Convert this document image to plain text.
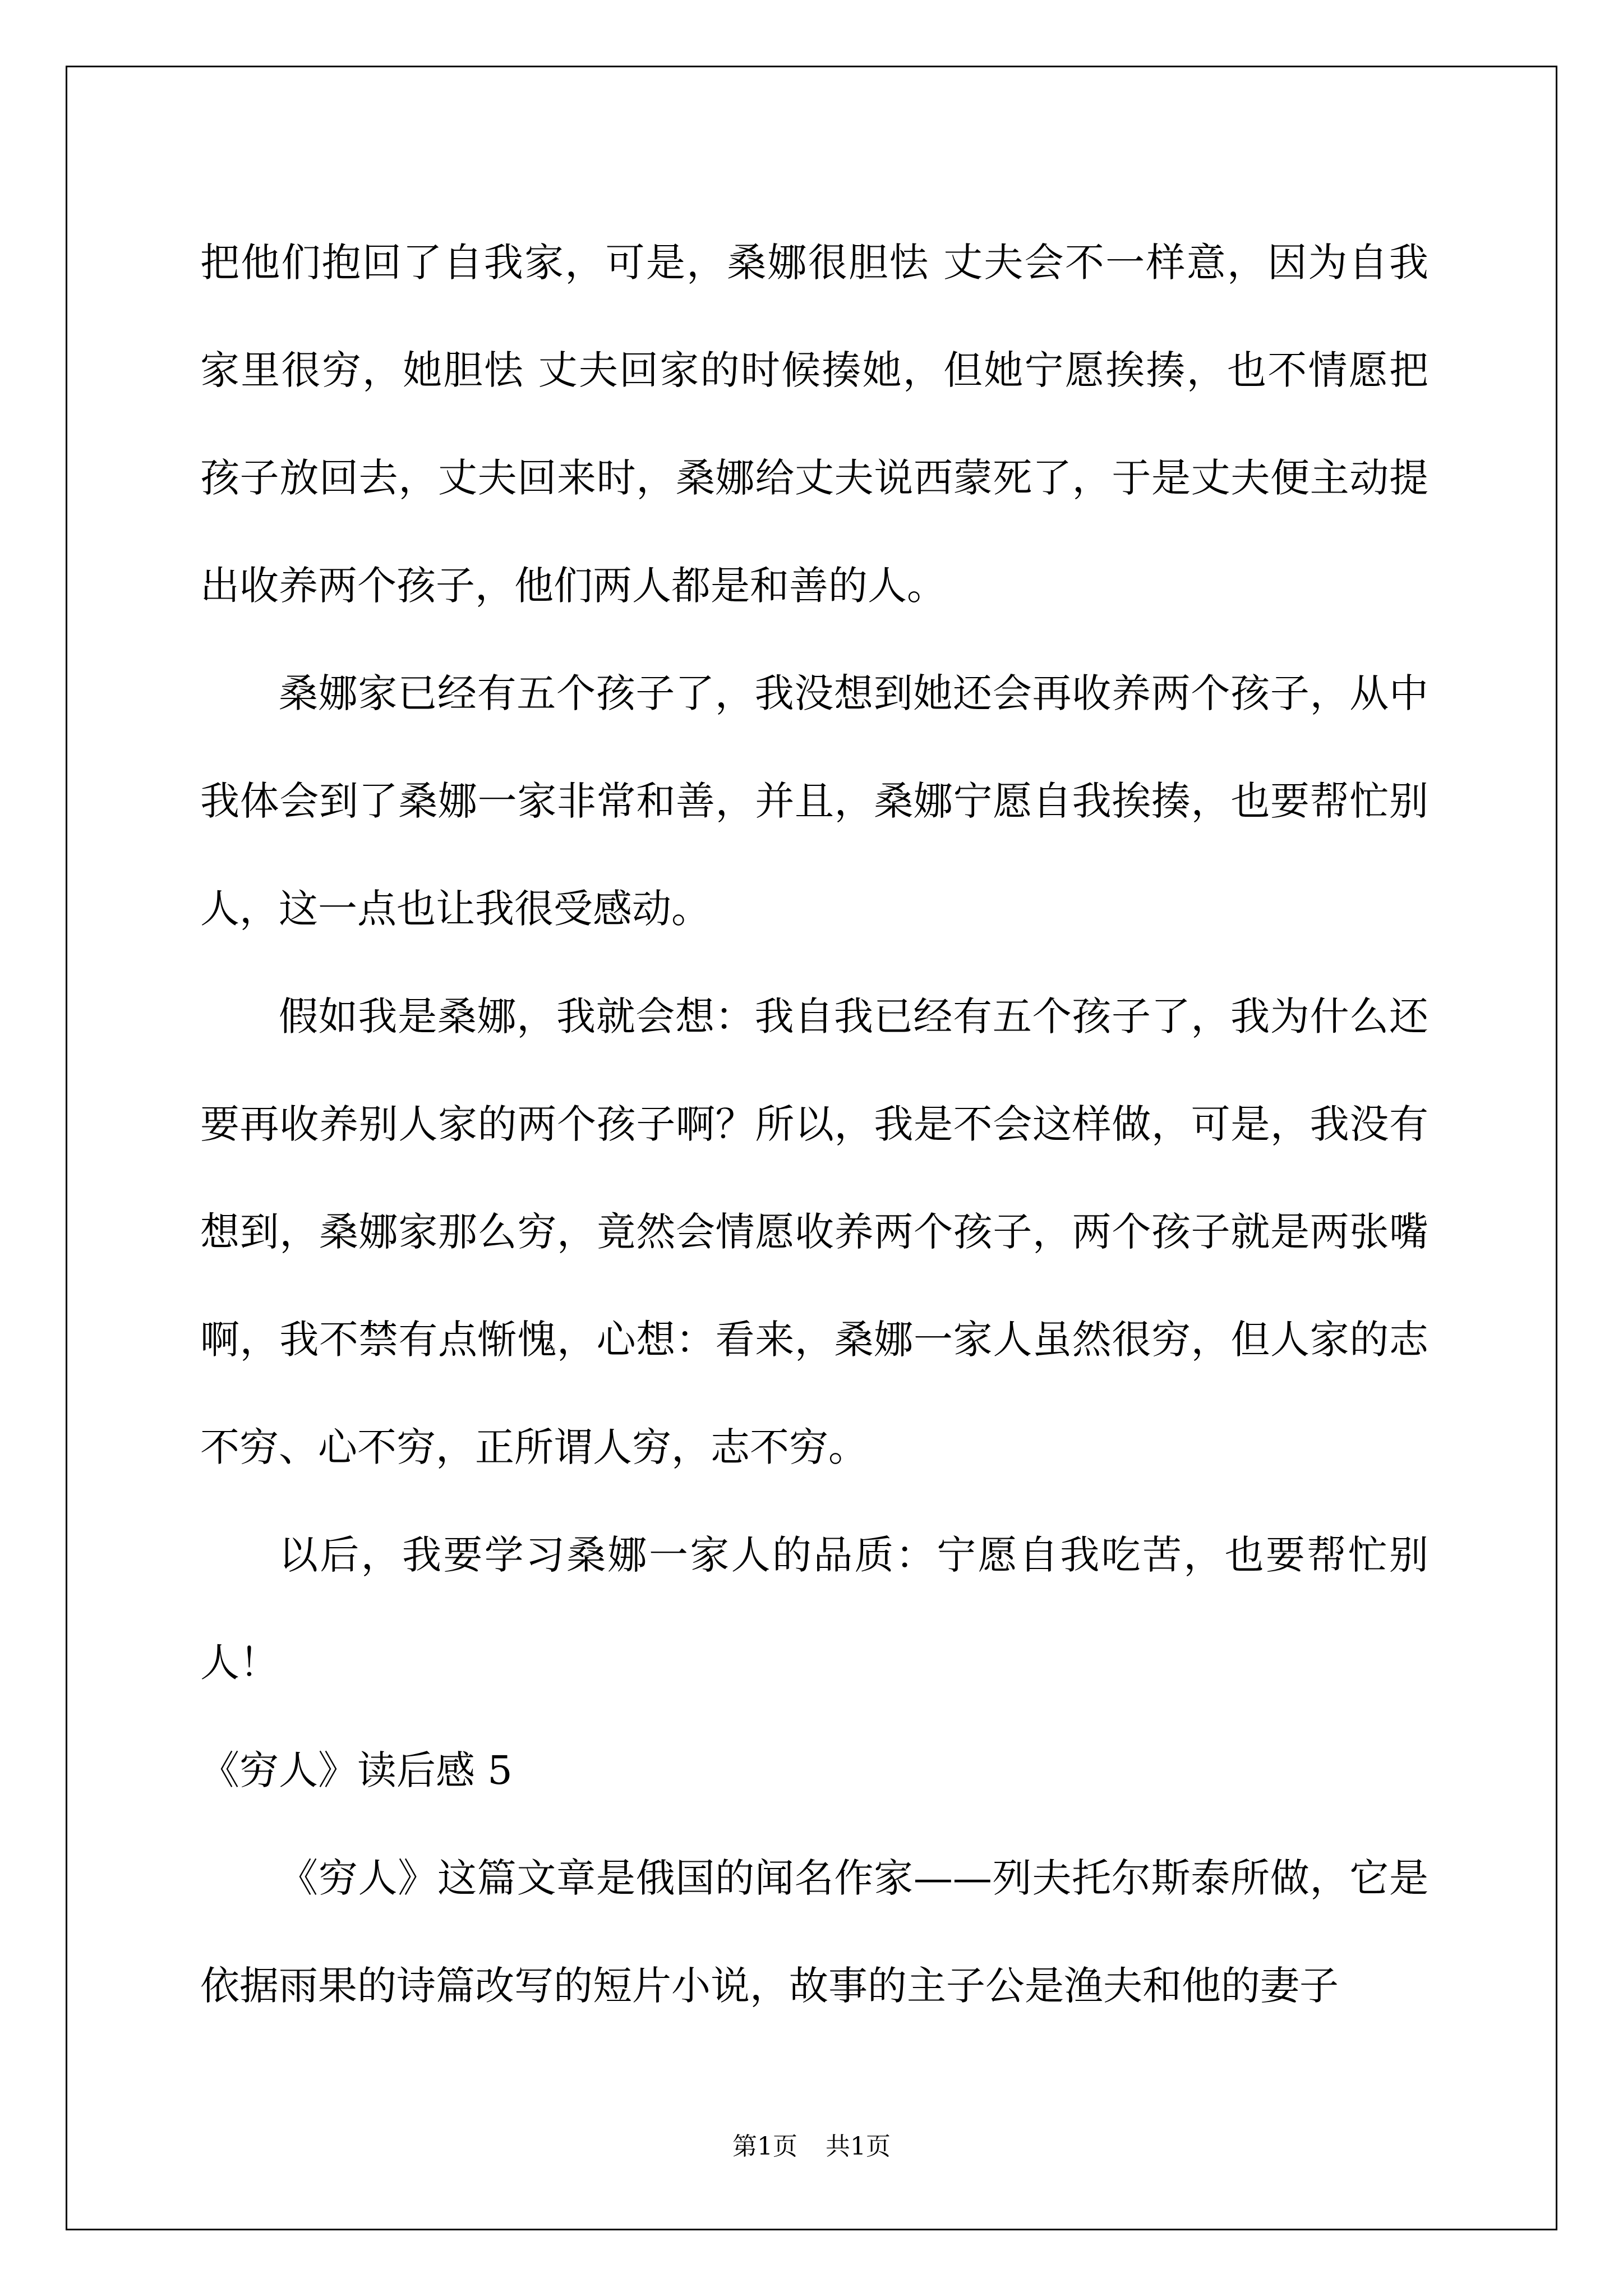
把他们抱回了自我家，可是，桑娜很胆怯 丈夫会不一样意，因为自我家里很穷，她胆怯 丈夫回家的时候揍她，但她宁愿挨揍，也不情愿把孩子放回去，丈夫回来时，桑娜给丈夫说西蒙死了，于是丈夫便主动提出收养两个孩子，他们两人都是和善的人。

桑娜家已经有五个孩子了，我没想到她还会再收养两个孩子，从中我体会到了桑娜一家非常和善，并且，桑娜宁愿自我挨揍，也要帮忙别人，这一点也让我很受感动。

假如我是桑娜，我就会想：我自我已经有五个孩子了，我为什么还要再收养别人家的两个孩子啊？所以，我是不会这样做，可是，我没有想到，桑娜家那么穷，竟然会情愿收养两个孩子，两个孩子就是两张嘴啊，我不禁有点惭愧，心想：看来，桑娜一家人虽然很穷，但人家的志不穷、心不穷，正所谓人穷，志不穷。

以后，我要学习桑娜一家人的品质：宁愿自我吃苦，也要帮忙别人！

《穷人》读后感 5

《穷人》这篇文章是俄国的闻名作家——列夫托尔斯泰所做，它是依据雨果的诗篇改写的短片小说，故事的主子公是渔夫和他的妻子

第1页 共1页
